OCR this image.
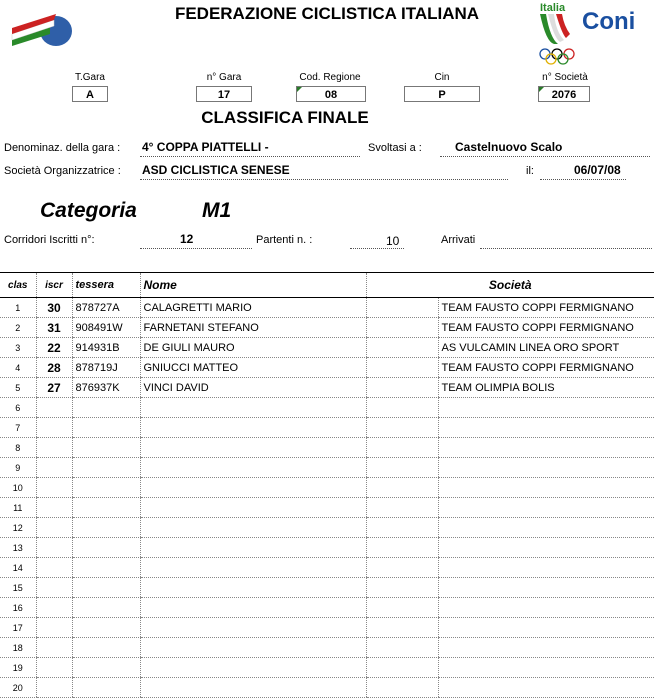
FEDERAZIONE CICLISTICA ITALIANA	Italia Coni
T.Gara
A
n° Gara
17
Cod. Regione
08
Cin
P
n° Società
2076
CLASSIFICA FINALE
Denominaz. della gara : 4° COPPA PIATTELLI -	Svoltasi a :	Castelnuovo Scalo
Società Organizzatrice : ASD CICLISTICA SENESE	il:	06/07/08
Categoria	M1
Corridori Iscritti n°:	12	Partenti n. :	10	Arrivati
clas	iscr	tessera	Nome	Società	
1	30	878727A	CALAGRETTI MARIO		TEAM FAUSTO COPPI FERMIGNANO
2	31	908491W	FARNETANI STEFANO		TEAM FAUSTO COPPI FERMIGNANO
3	22	914931B	DE GIULI MAURO		AS VULCAMIN LINEA ORO SPORT
4	28	878719J	GNIUCCI MATTEO		TEAM FAUSTO COPPI FERMIGNANO
5	27	876937K	VINCI DAVID		TEAM OLIMPIA BOLIS
6					
7					
8					
9					
10					
11					
12					
13					
14					
15					
16					
17					
18					
19					
20					
